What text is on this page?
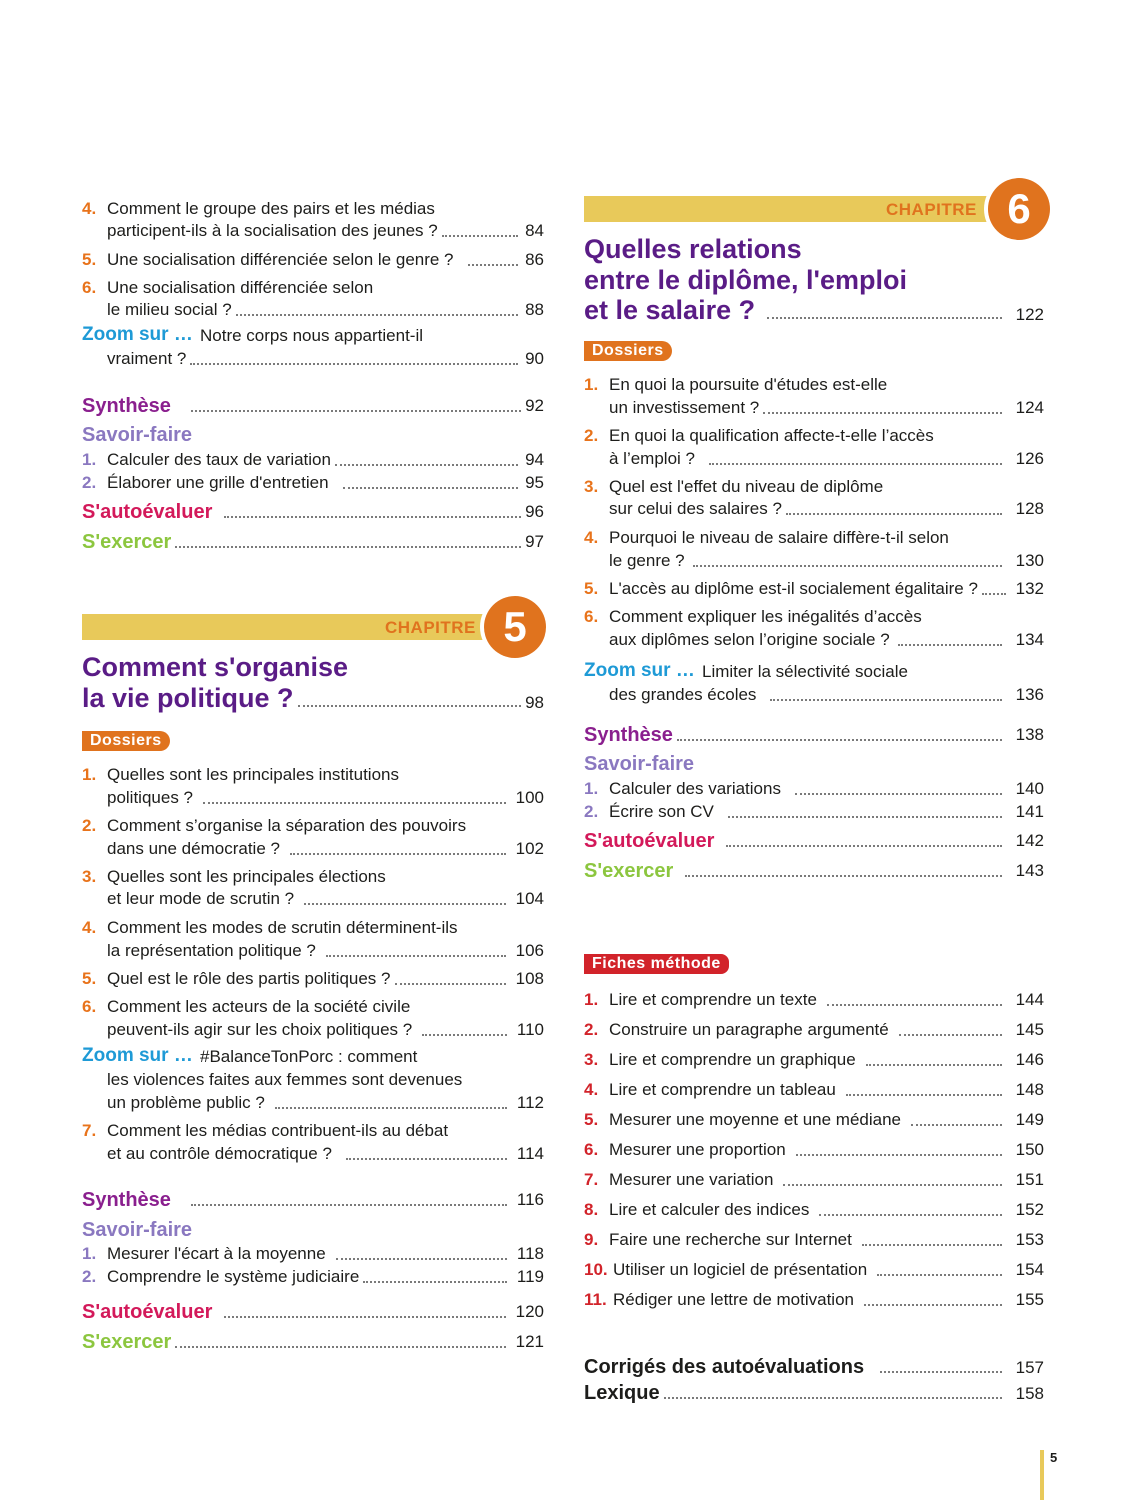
4. Comment le groupe des pairs et les médias
participent-ils à la socialisation des jeunes ?	84
5. Une socialisation différenciée selon le genre ?	86
6. Une socialisation différenciée selon
le milieu social ?	88
Zoom sur … Notre corps nous appartient-il
vraiment ?	90
Synthèse	92
Savoir-faire
1. Calculer des taux de variation	94
2. Élaborer une grille d'entretien	95
S'autoévaluer	96
S'exercer	97
CHAPITRE 5
Comment s'organise
la vie politique ?	98
Dossiers
1. Quelles sont les principales institutions
politiques ?	100
2. Comment s’organise la séparation des pouvoirs
dans une démocratie ?	102
3. Quelles sont les principales élections
et leur mode de scrutin ?	104
4. Comment les modes de scrutin déterminent-ils
la représentation politique ?	106
5. Quel est le rôle des partis politiques ?	108
6. Comment les acteurs de la société civile
peuvent-ils agir sur les choix politiques ?	110
Zoom sur … #BalanceTonPorc : comment
les violences faites aux femmes sont devenues
un problème public ?	112
7. Comment les médias contribuent-ils au débat
et au contrôle démocratique ?	114
Synthèse	116
Savoir-faire
1. Mesurer l'écart à la moyenne	118
2. Comprendre le système judiciaire	119
S'autoévaluer	120
S'exercer	121
CHAPITRE 6
Quelles relations
entre le diplôme, l'emploi
et le salaire ?	122
Dossiers
1. En quoi la poursuite d'études est-elle
un investissement ?	124
2. En quoi la qualification affecte-t-elle l’accès
à l’emploi ?	126
3. Quel est l'effet du niveau de diplôme
sur celui des salaires ?	128
4. Pourquoi le niveau de salaire diffère-t-il selon
le genre ?	130
5. L'accès au diplôme est-il socialement égalitaire ? 132
6. Comment expliquer les inégalités d’accès
aux diplômes selon l’origine sociale ?	134
Zoom sur … Limiter la sélectivité sociale
des grandes écoles	136
Synthèse	138
Savoir-faire
1. Calculer des variations	140
2. Écrire son CV	141
S'autoévaluer	142
S'exercer	143
Fiches méthode
1. Lire et comprendre un texte	144
2. Construire un paragraphe argumenté	145
3. Lire et comprendre un graphique	146
4. Lire et comprendre un tableau	148
5. Mesurer une moyenne et une médiane	149
6. Mesurer une proportion	150
7. Mesurer une variation	151
8. Lire et calculer des indices	152
9. Faire une recherche sur Internet	153
10. Utiliser un logiciel de présentation	154
11. Rédiger une lettre de motivation	155
Corrigés des autoévaluations	157
Lexique	158
5
